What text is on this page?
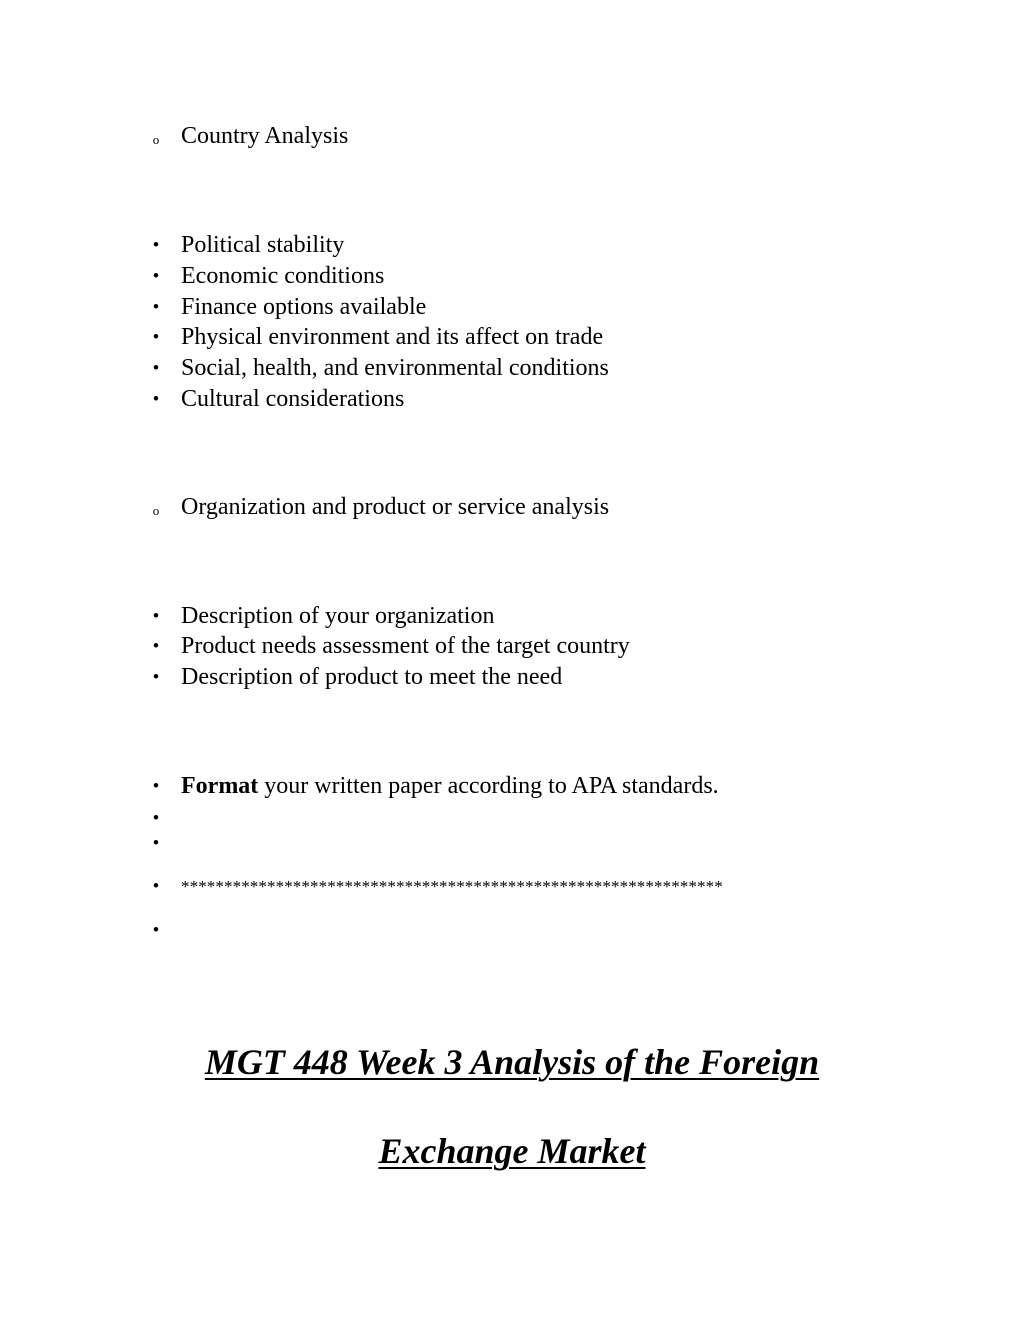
o Country Analysis
• Political stability
• Economic conditions
• Finance options available
• Physical environment and its affect on trade
• Social, health, and environmental conditions
• Cultural considerations
o Organization and product or service analysis
• Description of your organization
• Product needs assessment of the target country
• Description of product to meet the need
• Format your written paper according to APA standards.
•
•
•	***************************************************************
•
MGT 448 Week 3 Analysis of the Foreign
Exchange Market
